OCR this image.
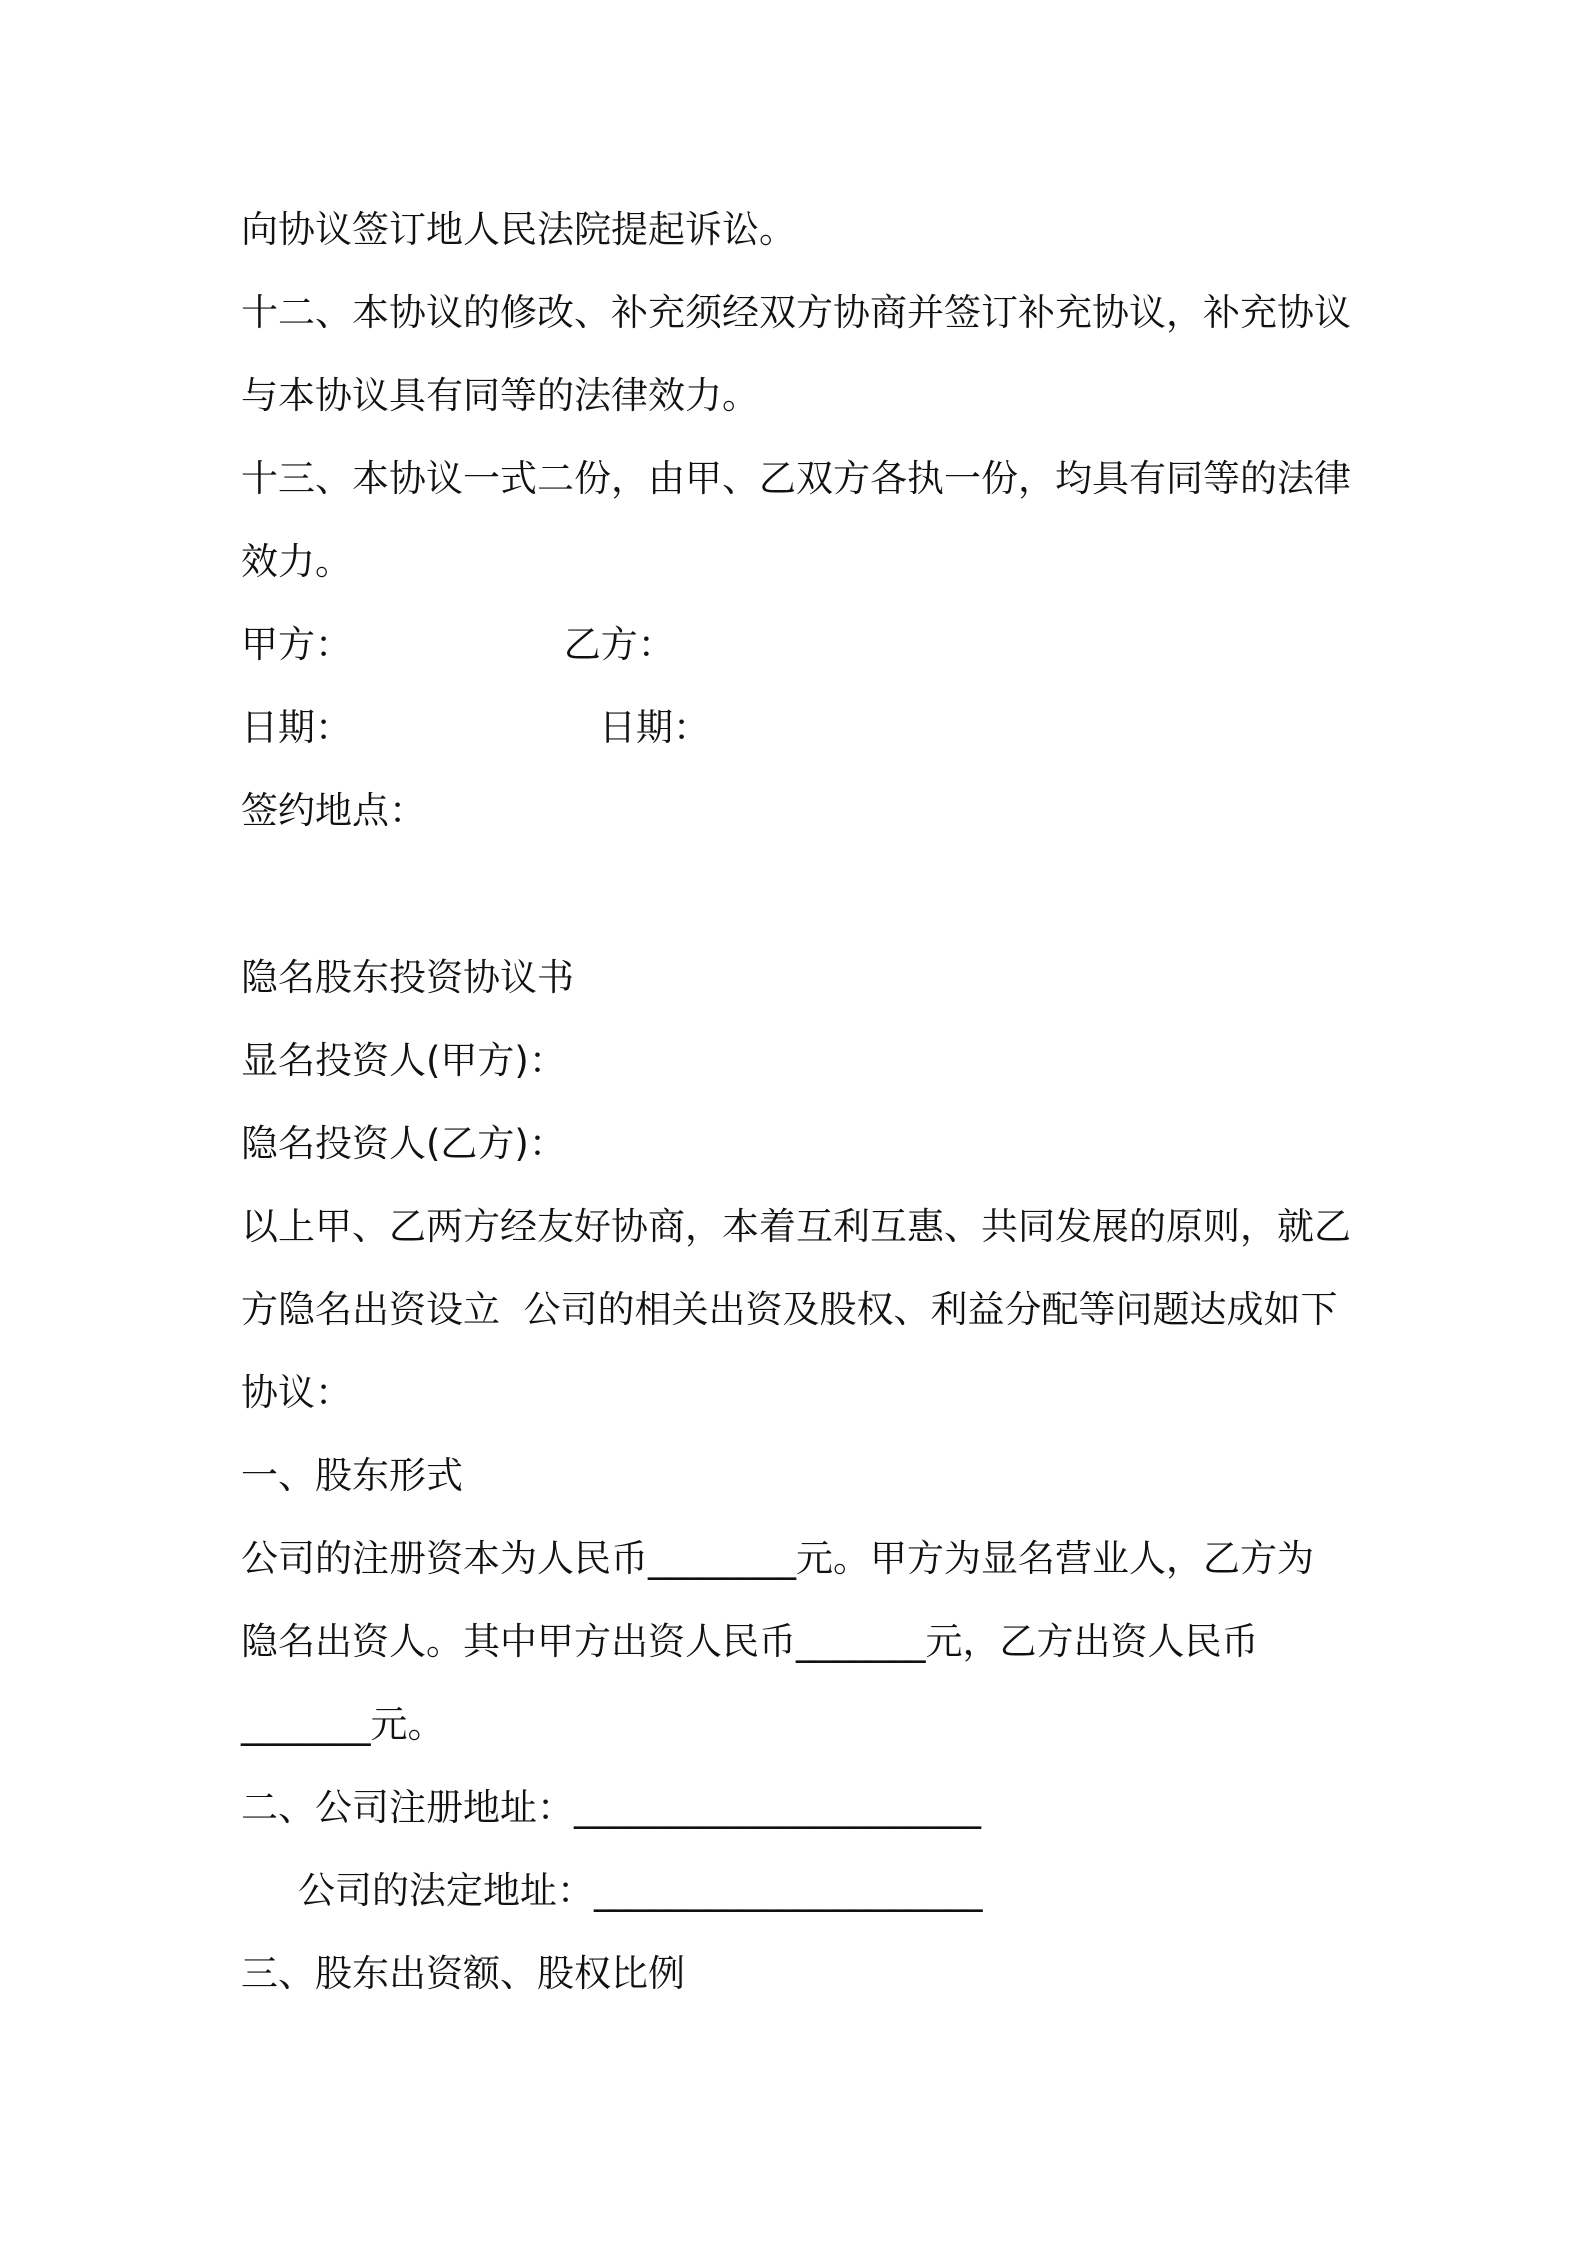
向协议签订地人民法院提起诉讼。
十二、本协议的修改、补充须经双方协商并签订补充协议，补充协议
与本协议具有同等的法律效力。
十三、本协议一式二份，由甲、乙双方各执一份，均具有同等的法律
效力。
甲方：                  乙方：
日期：                     日期：
签约地点：
隐名股东投资协议书
显名投资人(甲方)：
隐名投资人(乙方)：
以上甲、乙两方经友好协商，本着互利互惠、共同发展的原则，就乙
方隐名出资设立  公司的相关出资及股权、利益分配等问题达成如下
协议：
一、股东形式
公司的注册资本为人民币________元。甲方为显名营业人，乙方为
隐名出资人。其中甲方出资人民币_______元，乙方出资人民币
_______元。
二、公司注册地址：______________________
公司的法定地址：_____________________
三、股东出资额、股权比例
